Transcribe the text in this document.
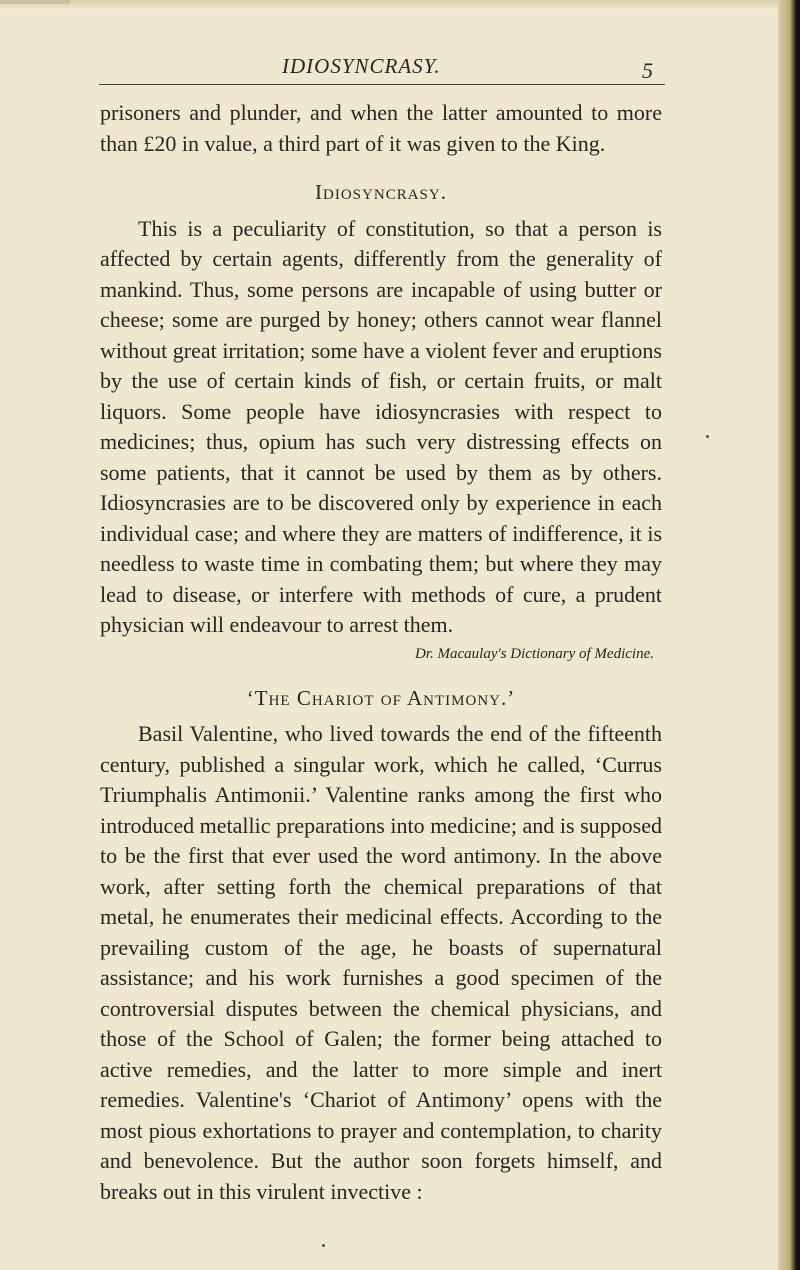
IDIOSYNCRASY.	5

prisoners and plunder, and when the latter amounted to more than £20 in value, a third part of it was given to the King.

Idiosyncrasy.

This is a peculiarity of constitution, so that a person is affected by certain agents, differently from the generality of mankind. Thus, some persons are incapable of using butter or cheese; some are purged by honey; others cannot wear flannel without great irritation; some have a violent fever and eruptions by the use of certain kinds of fish, or certain fruits, or malt liquors. Some people have idiosyncrasies with respect to medicines; thus, opium has such very distressing effects on some patients, that it cannot be used by them as by others. Idiosyncrasies are to be discovered only by experience in each individual case; and where they are matters of indifference, it is needless to waste time in combating them; but where they may lead to disease, or interfere with methods of cure, a prudent physician will endeavour to arrest them.

Dr. Macaulay's Dictionary of Medicine.

‘The Chariot of Antimony.’

Basil Valentine, who lived towards the end of the fifteenth century, published a singular work, which he called, ‘Currus Triumphalis Antimonii.’ Valentine ranks among the first who introduced metallic preparations into medicine; and is supposed to be the first that ever used the word antimony. In the above work, after setting forth the chemical preparations of that metal, he enumerates their medicinal effects. According to the prevailing custom of the age, he boasts of supernatural assistance; and his work furnishes a good specimen of the controversial disputes between the chemical physicians, and those of the School of Galen; the former being attached to active remedies, and the latter to more simple and inert remedies. Valentine's ‘Chariot of Antimony’ opens with the most pious exhortations to prayer and contemplation, to charity and benevolence. But the author soon forgets himself, and breaks out in this virulent invective :
